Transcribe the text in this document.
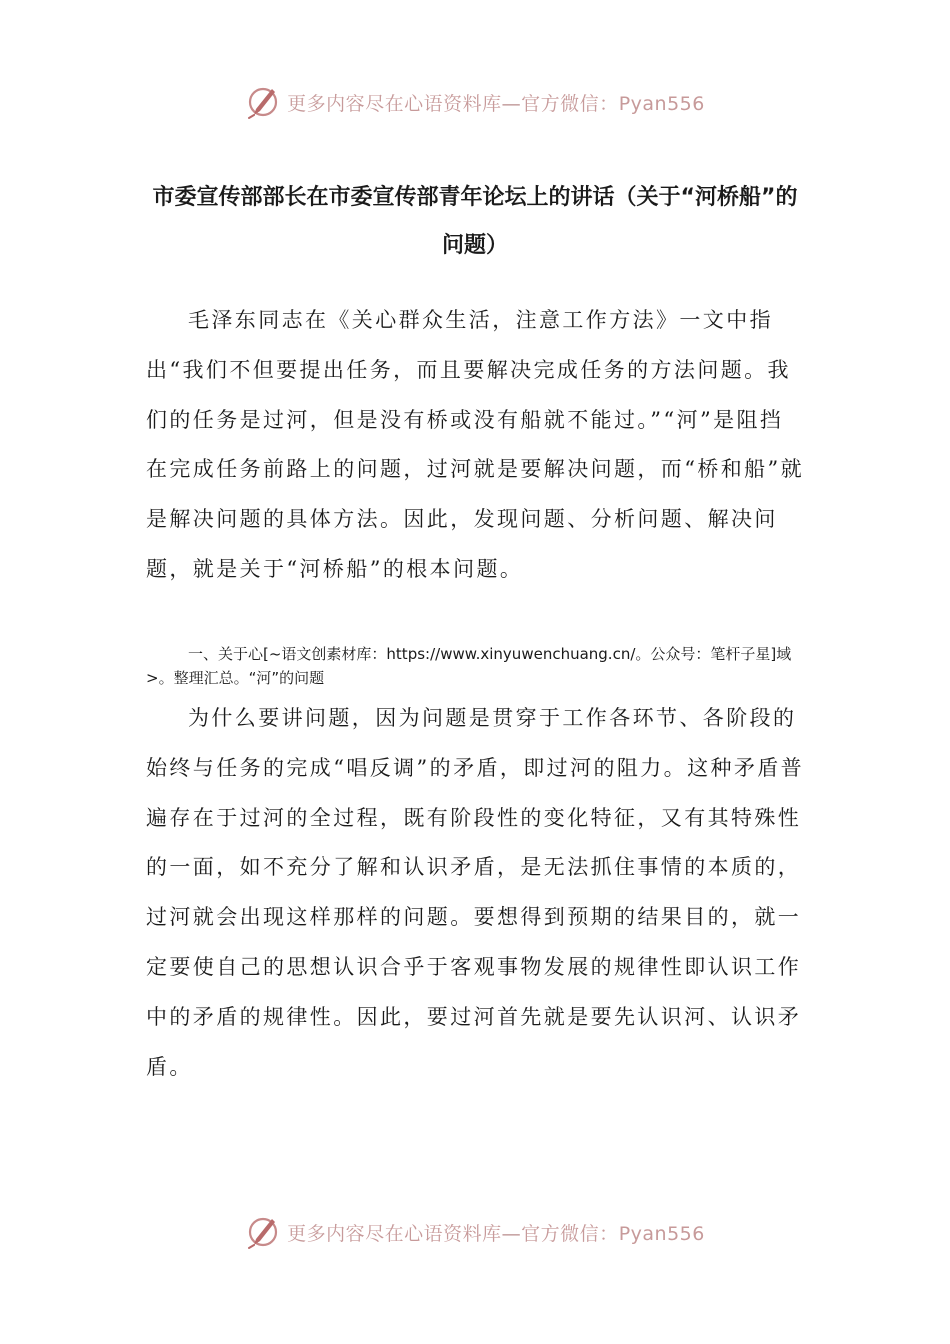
更多内容尽在心语资料库—官方微信：Pyan556
市委宣传部部长在市委宣传部青年论坛上的讲话（关于“河桥船”的问题）

毛泽东同志在《关心群众生活，注意工作方法》一文中指出“我们不但要提出任务，而且要解决完成任务的方法问题。我们的任务是过河，但是没有桥或没有船就不能过。”“河”是阻挡在完成任务前路上的问题，过河就是要解决问题，而“桥和船”就是解决问题的具体方法。因此，发现问题、分析问题、解决问题，就是关于“河桥船”的根本问题。

一、关于心[~语文创素材库：https://www.xinyuwenchuang.cn/。公众号：笔杆子星]域>。整理汇总。“河”的问题

为什么要讲问题，因为问题是贯穿于工作各环节、各阶段的始终与任务的完成“唱反调”的矛盾，即过河的阻力。这种矛盾普遍存在于过河的全过程，既有阶段性的变化特征，又有其特殊性的一面，如不充分了解和认识矛盾，是无法抓住事情的本质的，过河就会出现这样那样的问题。要想得到预期的结果目的，就一定要使自己的思想认识合乎于客观事物发展的规律性即认识工作中的矛盾的规律性。因此，要过河首先就是要先认识河、认识矛盾。

更多内容尽在心语资料库—官方微信：Pyan556
